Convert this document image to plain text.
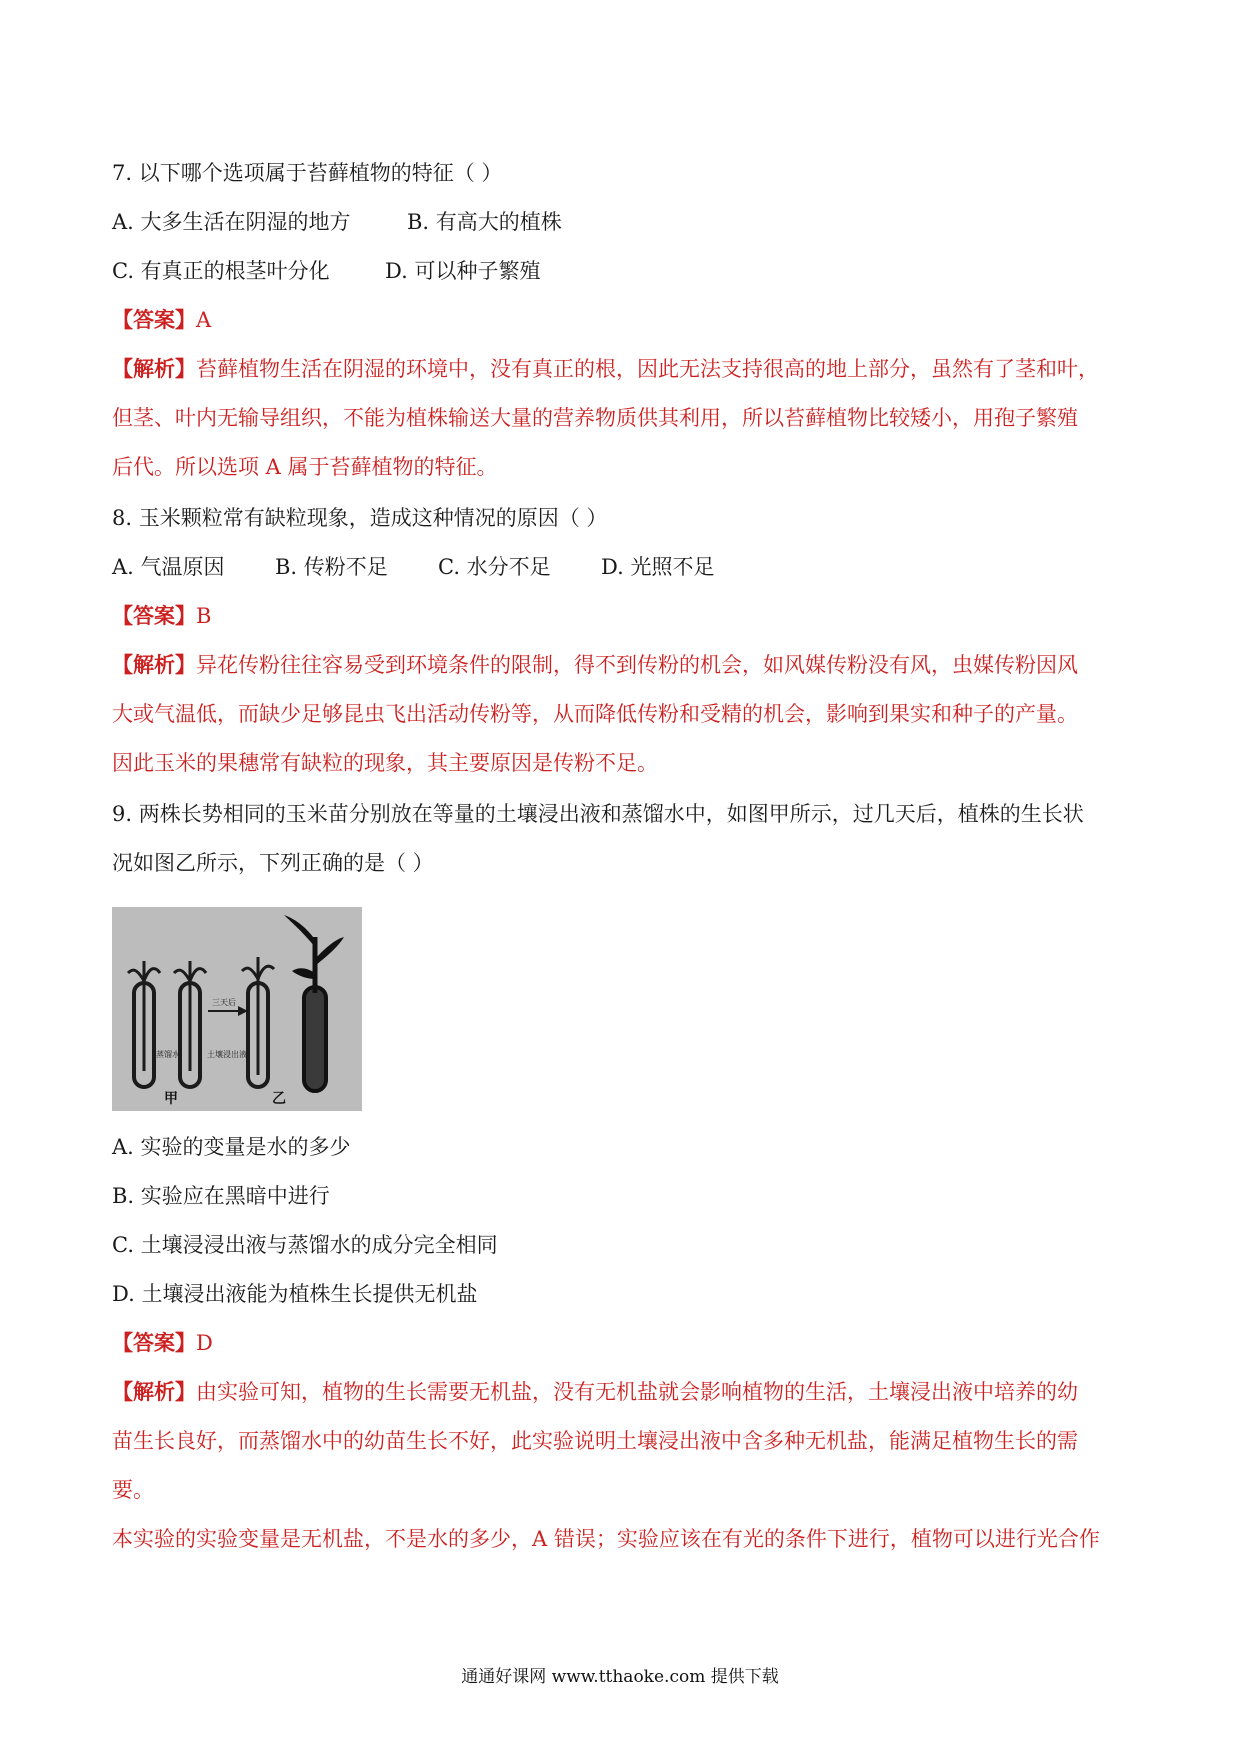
7. 以下哪个选项属于苔藓植物的特征（ ）

A. 大多生活在阴湿的地方	B. 有高大的植株

C. 有真正的根茎叶分化	D. 可以种子繁殖

【答案】A

【解析】苔藓植物生活在阴湿的环境中，没有真正的根，因此无法支持很高的地上部分，虽然有了茎和叶，

但茎、叶内无输导组织，不能为植株输送大量的营养物质供其利用，所以苔藓植物比较矮小，用孢子繁殖

后代。所以选项 A 属于苔藓植物的特征。

8. 玉米颗粒常有缺粒现象，造成这种情况的原因（ ）

A. 气温原因 B. 传粉不足 C. 水分不足 D. 光照不足

【答案】B

【解析】异花传粉往往容易受到环境条件的限制，得不到传粉的机会，如风媒传粉没有风，虫媒传粉因风

大或气温低，而缺少足够昆虫飞出活动传粉等，从而降低传粉和受精的机会，影响到果实和种子的产量。

因此玉米的果穗常有缺粒的现象，其主要原因是传粉不足。

9. 两株长势相同的玉米苗分别放在等量的土壤浸出液和蒸馏水中，如图甲所示，过几天后，植株的生长状

况如图乙所示，下列正确的是（ ）

蒸馏水	土壤浸出液
三天后
甲	乙

A. 实验的变量是水的多少

B. 实验应在黑暗中进行

C. 土壤浸浸出液与蒸馏水的成分完全相同

D. 土壤浸出液能为植株生长提供无机盐

【答案】D

【解析】由实验可知，植物的生长需要无机盐，没有无机盐就会影响植物的生活，土壤浸出液中培养的幼

苗生长良好，而蒸馏水中的幼苗生长不好，此实验说明土壤浸出液中含多种无机盐，能满足植物生长的需

要。

本实验的实验变量是无机盐，不是水的多少，A 错误；实验应该在有光的条件下进行，植物可以进行光合作

通通好课网 www.tthaoke.com 提供下载
